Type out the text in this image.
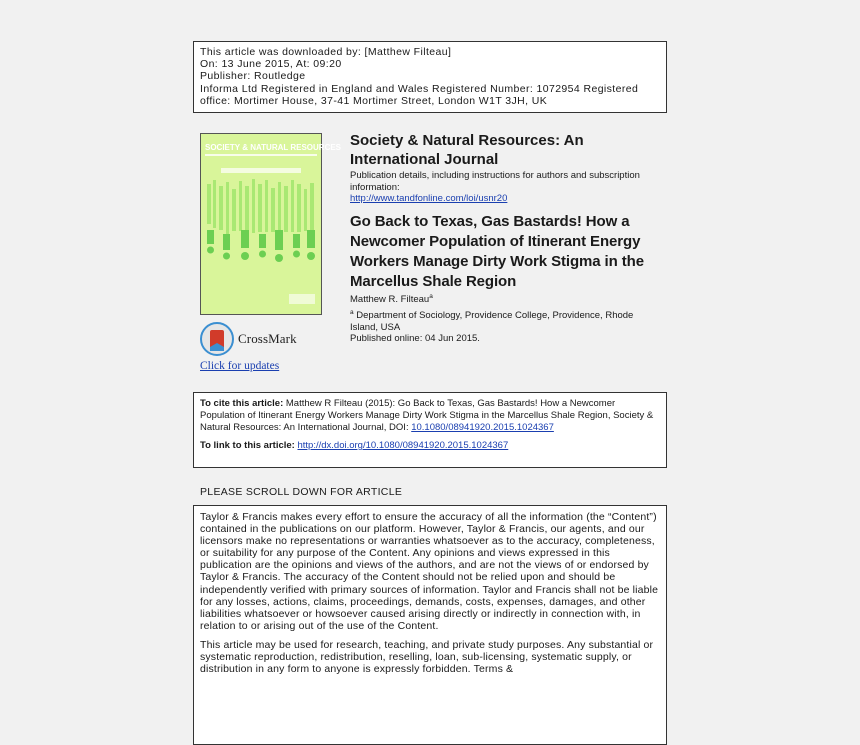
This article was downloaded by: [Matthew Filteau]
On: 13 June 2015, At: 09:20
Publisher: Routledge
Informa Ltd Registered in England and Wales Registered Number: 1072954 Registered
office: Mortimer House, 37-41 Mortimer Street, London W1T 3JH, UK
SOCIETY & NATURAL RESOURCES
CrossMark
Click for updates
Society & Natural Resources: An International Journal
Publication details, including instructions for authors and subscription information:
http://www.tandfonline.com/loi/usnr20
Go Back to Texas, Gas Bastards! How a Newcomer Population of Itinerant Energy Workers Manage Dirty Work Stigma in the Marcellus Shale Region
Matthew R. Filteau$^a$
$^a$ Department of Sociology, Providence College, Providence, Rhode Island, USA
Published online: 04 Jun 2015.
To cite this article: Matthew R Filteau (2015): Go Back to Texas, Gas Bastards! How a Newcomer Population of Itinerant Energy Workers Manage Dirty Work Stigma in the Marcellus Shale Region, Society & Natural Resources: An International Journal, DOI: 10.1080/08941920.2015.1024367
To link to this article: http://dx.doi.org/10.1080/08941920.2015.1024367
PLEASE SCROLL DOWN FOR ARTICLE

Taylor & Francis makes every effort to ensure the accuracy of all the information (the “Content”) contained in the publications on our platform. However, Taylor & Francis, our agents, and our licensors make no representations or warranties whatsoever as to the accuracy, completeness, or suitability for any purpose of the Content. Any opinions and views expressed in this publication are the opinions and views of the authors, and are not the views of or endorsed by Taylor & Francis. The accuracy of the Content should not be relied upon and should be independently verified with primary sources of information. Taylor and Francis shall not be liable for any losses, actions, claims, proceedings, demands, costs, expenses, damages, and other liabilities whatsoever or howsoever caused arising directly or indirectly in connection with, in relation to or arising out of the use of the Content.

This article may be used for research, teaching, and private study purposes. Any substantial or systematic reproduction, redistribution, reselling, loan, sub-licensing, systematic supply, or distribution in any form to anyone is expressly forbidden. Terms &
